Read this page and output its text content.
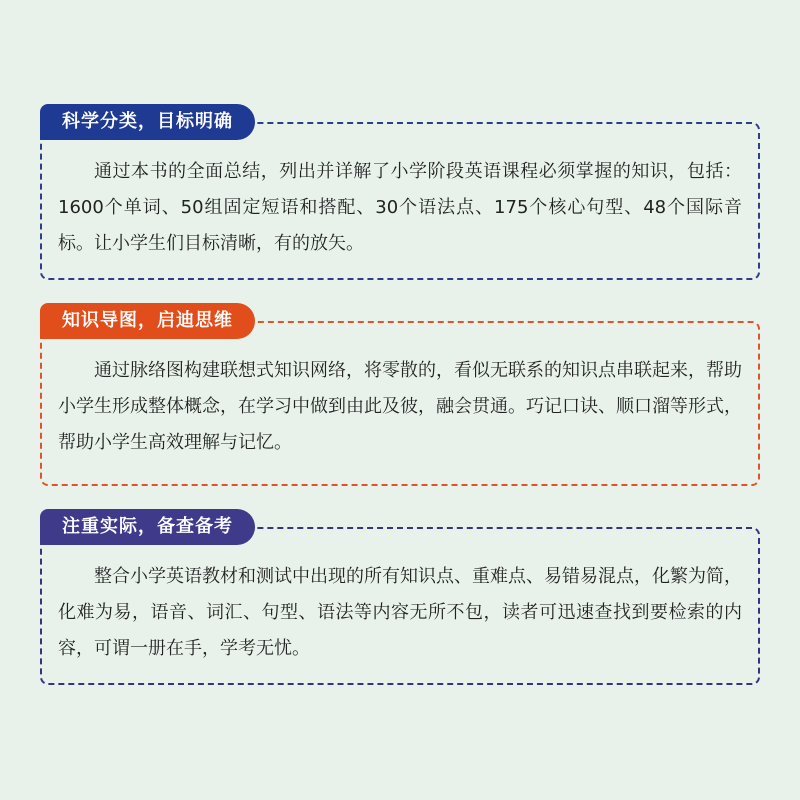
科学分类，目标明确

通过本书的全面总结，列出并详解了小学阶段英语课程必须掌握的知识，包括：1600个单词、50组固定短语和搭配、30个语法点、175个核心句型、48个国际音标。让小学生们目标清晰，有的放矢。

知识导图，启迪思维

通过脉络图构建联想式知识网络，将零散的，看似无联系的知识点串联起来，帮助小学生形成整体概念，在学习中做到由此及彼，融会贯通。巧记口诀、顺口溜等形式，帮助小学生高效理解与记忆。

注重实际，备查备考

整合小学英语教材和测试中出现的所有知识点、重难点、易错易混点，化繁为简，化难为易，语音、词汇、句型、语法等内容无所不包，读者可迅速查找到要检索的内容，可谓一册在手，学考无忧。
